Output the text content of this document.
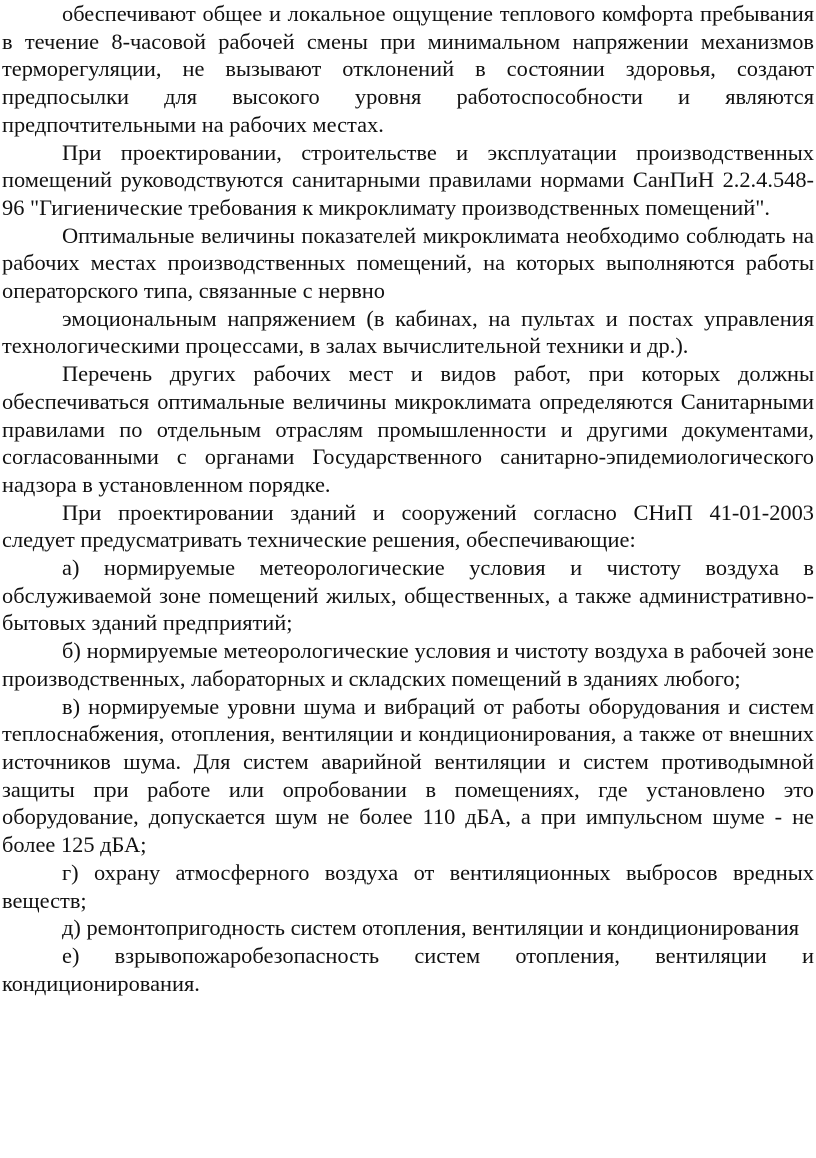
обеспечивают общее и локальное ощущение теплового комфорта пребывания в течение 8-часовой рабочей смены при минимальном напряжении механизмов терморегуляции, не вызывают отклонений в состоянии здоровья, создают предпосылки для высокого уровня работоспособности и являются предпочтительными на рабочих местах.

При проектировании, строительстве и эксплуатации производственных помещений руководствуются санитарными правилами нормами СанПиН 2.2.4.548-96 "Гигиенические требования к микроклимату производственных помещений".

Оптимальные величины показателей микроклимата необходимо соблюдать на рабочих местах производственных помещений, на которых выполняются работы операторского типа, связанные с нервно

эмоциональным напряжением (в кабинах, на пультах и постах управления технологическими процессами, в залах вычислительной техники и др.).

Перечень других рабочих мест и видов работ, при которых должны обеспечиваться оптимальные величины микроклимата определяются Санитарными правилами по отдельным отраслям промышленности и другими документами, согласованными с органами Государственного санитарно-эпидемиологического надзора в установленном порядке.

При проектировании зданий и сооружений согласно СНиП 41-01-2003 следует предусматривать технические решения, обеспечивающие:

а) нормируемые метеорологические условия и чистоту воздуха в обслуживаемой зоне помещений жилых, общественных, а также административно-бытовых зданий предприятий;

б) нормируемые метеорологические условия и чистоту воздуха в рабочей зоне производственных, лабораторных и складских помещений в зданиях любого;

в) нормируемые уровни шума и вибраций от работы оборудования и систем теплоснабжения, отопления, вентиляции и кондиционирования, а также от внешних источников шума. Для систем аварийной вентиляции и систем противодымной защиты при работе или опробовании в помещениях, где установлено это оборудование, допускается шум не более 110 дБА, а при импульсном шуме - не более 125 дБА;

г) охрану атмосферного воздуха от вентиляционных выбросов вредных веществ;

д) ремонтопригодность систем отопления, вентиляции и кондиционирования

е) взрывопожаробезопасность систем отопления, вентиляции и кондиционирования.
